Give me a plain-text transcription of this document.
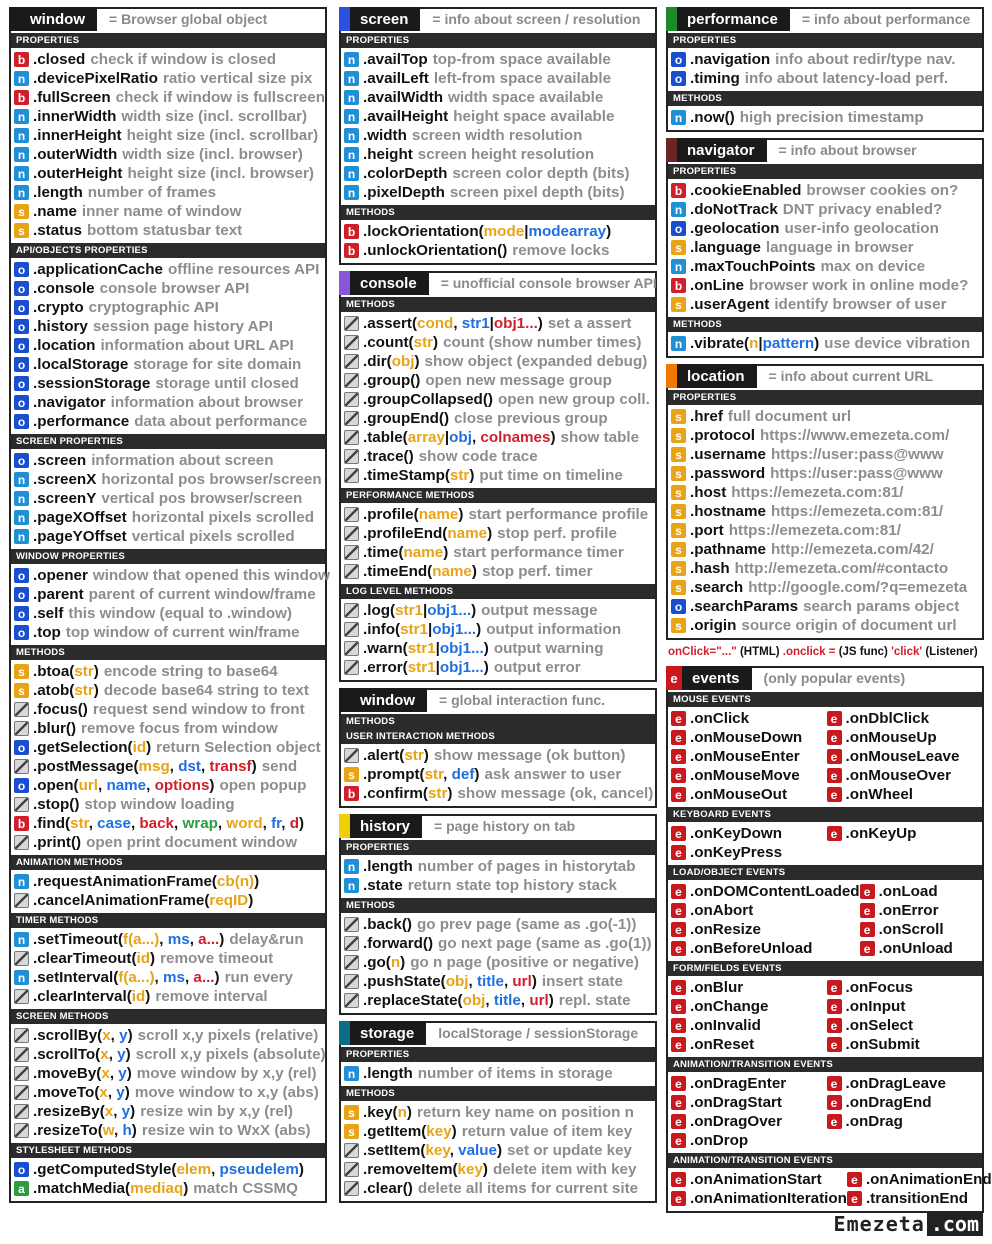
window = Browser global object
PROPERTIES
b .closed check if window is closed
n .devicePixelRatio ratio vertical size pix
b .fullScreen check if window is fullscreen
n .innerWidth width size (incl. scrollbar)
n .innerHeight height size (incl. scrollbar)
n .outerWidth width size (incl. browser)
n .outerHeight height size (incl. browser)
n .length number of frames
s .name inner name of window
s .status bottom statusbar text
API/OBJECTS PROPERTIES
o .applicationCache offline resources API
o .console console browser API
o .crypto cryptographic API
o .history session page history API
o .location information about URL API
o .localStorage storage for site domain
o .sessionStorage storage until closed
o .navigator information about browser
o .performance data about performance
SCREEN PROPERTIES
o .screen information about screen
n .screenX horizontal pos browser/screen
n .screenY vertical pos browser/screen
n .pageXOffset horizontal pixels scrolled
n .pageYOffset vertical pixels scrolled
WINDOW PROPERTIES
o .opener window that opened this window
o .parent parent of current window/frame
o .self this window (equal to .window)
o .top top window of current win/frame
METHODS
s .btoa(str) encode string to base64
s .atob(str) decode base64 string to text
.focus() request send window to front
.blur() remove focus from window
o .getSelection(id) return Selection object
.postMessage(msg, dst, transf) send
o .open(url, name, options) open popup
.stop() stop window loading
b .find(str, case, back, wrap, word, fr, d)
.print() open print document window
ANIMATION METHODS
n .requestAnimationFrame(cb(n))
.cancelAnimationFrame(reqID)
TIMER METHODS
n .setTimeout(f(a...), ms, a...) delay&run
.clearTimeout(id) remove timeout
n .setInterval(f(a...), ms, a...) run every
.clearInterval(id) remove interval
SCREEN METHODS
.scrollBy(x, y) scroll x,y pixels (relative)
.scrollTo(x, y) scroll x,y pixels (absolute)
.moveBy(x, y) move window by x,y (rel)
.moveTo(x, y) move window to x,y (abs)
.resizeBy(x, y) resize win by x,y (rel)
.resizeTo(w, h) resize win to WxX (abs)
STYLESHEET METHODS
o .getComputedStyle(elem, pseudelem)
a .matchMedia(mediaq) match CSSMQ
screen = info about screen / resolution
PROPERTIES
n .availTop top-from space available
n .availLeft left-from space available
n .availWidth width space available
n .availHeight height space available
n .width screen width resolution
n .height screen height resolution
n .colorDepth screen color depth (bits)
n .pixelDepth screen pixel depth (bits)
METHODS
b .lockOrientation(mode|modearray)
b .unlockOrientation() remove locks
console = unofficial console browser API
METHODS
.assert(cond, str1|obj1...) set a assert
.count(str) count (show number times)
.dir(obj) show object (expanded debug)
.group() open new message group
.groupCollapsed() open new group coll.
.groupEnd() close previous group
.table(array|obj, colnames) show table
.trace() show code trace
.timeStamp(str) put time on timeline
PERFORMANCE METHODS
.profile(name) start performance profile
.profileEnd(name) stop perf. profile
.time(name) start performance timer
.timeEnd(name) stop perf. timer
LOG LEVEL METHODS
.log(str1|obj1...) output message
.info(str1|obj1...) output information
.warn(str1|obj1...) output warning
.error(str1|obj1...) output error
window = global interaction func.
METHODS
USER INTERACTION METHODS
.alert(str) show message (ok button)
s .prompt(str, def) ask answer to user
b .confirm(str) show message (ok, cancel)
history = page history on tab
PROPERTIES
n .length number of pages in historytab
n .state return state top history stack
METHODS
.back() go prev page (same as .go(-1))
.forward() go next page (same as .go(1))
.go(n) go n page (positive or negative)
.pushState(obj, title, url) insert state
.replaceState(obj, title, url) repl. state
storage localStorage / sessionStorage
PROPERTIES
n .length number of items in storage
METHODS
s .key(n) return key name on position n
s .getItem(key) return value of item key
.setItem(key, value) set or update key
.removeItem(key) delete item with key
.clear() delete all items for current site
performance = info about performance
PROPERTIES
o .navigation info about redir/type nav.
o .timing info about latency-load perf.
METHODS
n .now() high precision timestamp
navigator = info about browser
PROPERTIES
b .cookieEnabled browser cookies on?
n .doNotTrack DNT privacy enabled?
o .geolocation user-info geolocation
s .language language in browser
n .maxTouchPoints max on device
b .onLine browser work in online mode?
s .userAgent identify browser of user
METHODS
n .vibrate(n|pattern) use device vibration
location = info about current URL
PROPERTIES
s .href full document url
s .protocol https://www.emezeta.com/
s .username https://user:pass@www
s .password https://user:pass@www
s .host https://emezeta.com:81/
s .hostname https://emezeta.com:81/
s .port https://emezeta.com:81/
s .pathname http://emezeta.com/42/
s .hash http://emezeta.com/#contacto
s .search http://google.com/?q=emezeta
o .searchParams search params object
s .origin source origin of document url
onClick="..." (HTML) .onclick = (JS func) 'click' (Listener)
e events (only popular events)
MOUSE EVENTS
e .onClick	e .onDblClick
e .onMouseDown	e .onMouseUp
e .onMouseEnter	e .onMouseLeave
e .onMouseMove	e .onMouseOver
e .onMouseOut	e .onWheel
KEYBOARD EVENTS
e .onKeyDown	e .onKeyUp
e .onKeyPress
LOAD/OBJECT EVENTS
e .onDOMContentLoaded e .onLoad
e .onAbort	e .onError
e .onResize	e .onScroll
e .onBeforeUnload	e .onUnload
FORM/FIELDS EVENTS
e .onBlur	e .onFocus
e .onChange	e .onInput
e .onInvalid	e .onSelect
e .onReset	e .onSubmit
ANIMATION/TRANSITION EVENTS
e .onDragEnter	e .onDragLeave
e .onDragStart	e .onDragEnd
e .onDragOver	e .onDrag
e .onDrop
ANIMATION/TRANSITION EVENTS
e .onAnimationStart	e .onAnimationEnd
e .onAnimationIteration e .transitionEnd
Emezeta .com
